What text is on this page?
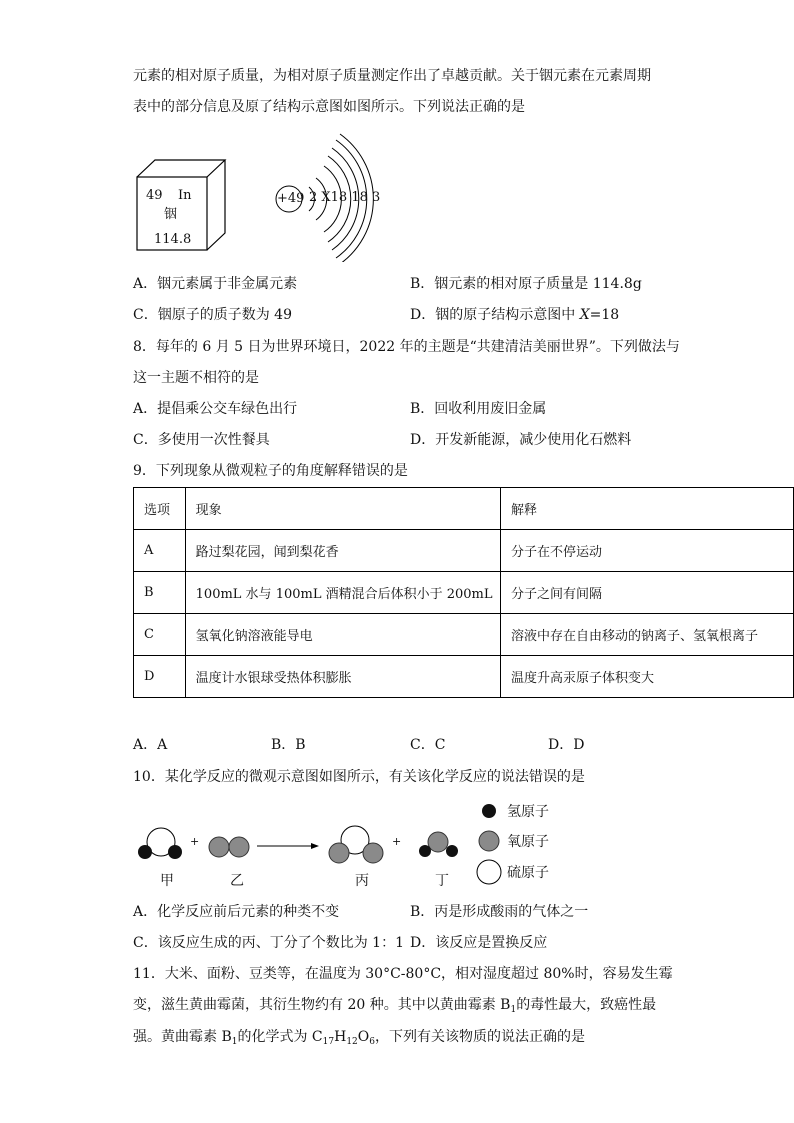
元素的相对原子质量，为相对原子质量测定作出了卓越贡献。关于铟元素在元素周期
表中的部分信息及原了结构示意图如图所示。下列说法正确的是
49 In
铟
114.8
+49 2 X18 18 3
A．铟元素属于非金属元素	B．铟元素的相对原子质量是 114.8g
C．铟原子的质子数为 49	D．铟的原子结构示意图中 X=18
8．每年的 6 月 5 日为世界环境日，2022 年的主题是“共建清洁美丽世界”。下列做法与
这一主题不相符的是
A．提倡乘公交车绿色出行	B．回收利用废旧金属
C．多使用一次性餐具	D．开发新能源，减少使用化石燃料
9．下列现象从微观粒子的角度解释错误的是
选项	现象	解释
A	路过梨花园，闻到梨花香	分子在不停运动
B	100mL 水与 100mL 酒精混合后体积小于 200mL	分子之间有间隔
C	氢氧化钠溶液能导电	溶液中存在自由移动的钠离子、氢氧根离子
D	温度计水银球受热体积膨胀	温度升高汞原子体积变大
A．A	B．B	C．C	D．D
10．某化学反应的微观示意图如图所示，有关该化学反应的说法错误的是
+	+
甲	乙	丙	丁
氢原子
氧原子
硫原子
A．化学反应前后元素的种类不变	B．丙是形成酸雨的气体之一
C．该反应生成的丙、丁分了个数比为 1：1 D．该反应是置换反应
11．大米、面粉、豆类等，在温度为 30°C-80°C，相对湿度超过 80%时，容易发生霉
变，滋生黄曲霉菌，其衍生物约有 20 种。其中以黄曲霉素 $B_1$的毒性最大，致癌性最
强。黄曲霉素 $B_1$的化学式为 $C_{17}H_{12}O_6$，下列有关该物质的说法正确的是
